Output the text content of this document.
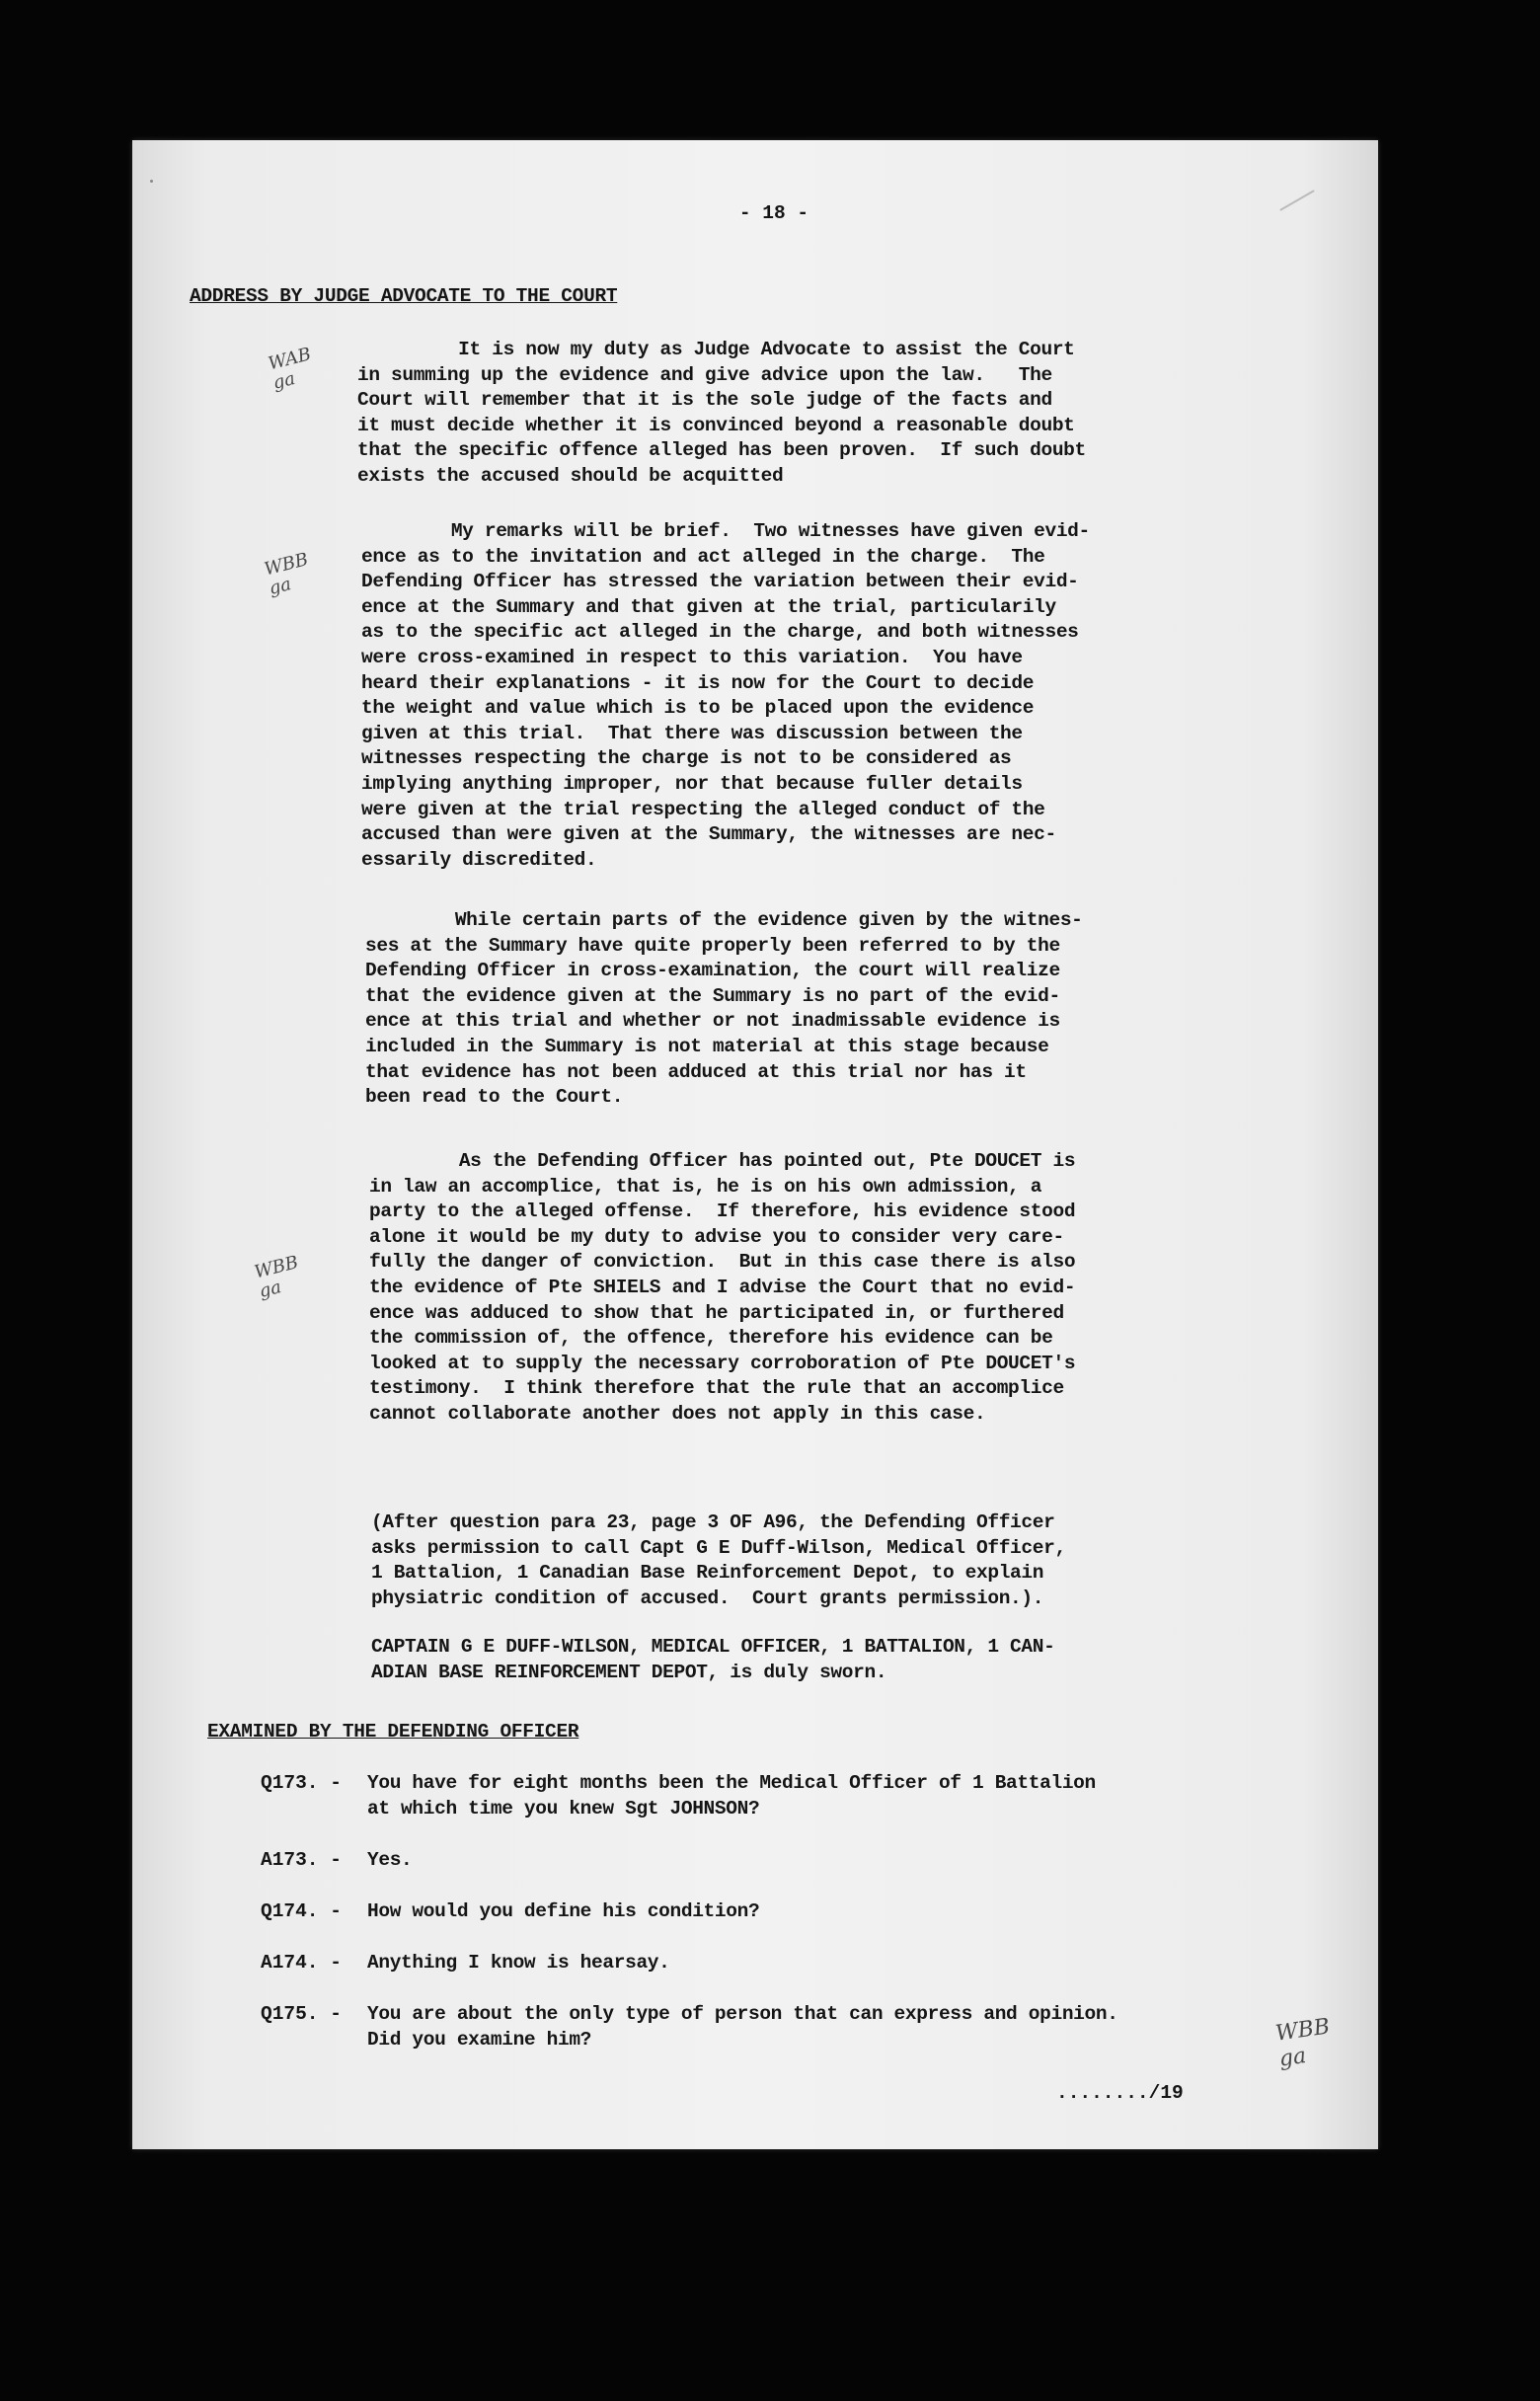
- 18 -
ADDRESS BY JUDGE ADVOCATE TO THE COURT
It is now my duty as Judge Advocate to assist the Court
in summing up the evidence and give advice upon the law.   The
Court will remember that it is the sole judge of the facts and
it must decide whether it is convinced beyond a reasonable doubt
that the specific offence alleged has been proven.  If such doubt
exists the accused should be acquitted
My remarks will be brief.  Two witnesses have given evid-
ence as to the invitation and act alleged in the charge.  The
Defending Officer has stressed the variation between their evid-
ence at the Summary and that given at the trial, particularily
as to the specific act alleged in the charge, and both witnesses
were cross-examined in respect to this variation.  You have
heard their explanations - it is now for the Court to decide
the weight and value which is to be placed upon the evidence
given at this trial.  That there was discussion between the
witnesses respecting the charge is not to be considered as
implying anything improper, nor that because fuller details
were given at the trial respecting the alleged conduct of the
accused than were given at the Summary, the witnesses are nec-
essarily discredited.
While certain parts of the evidence given by the witnes-
ses at the Summary have quite properly been referred to by the
Defending Officer in cross-examination, the court will realize
that the evidence given at the Summary is no part of the evid-
ence at this trial and whether or not inadmissable evidence is
included in the Summary is not material at this stage because
that evidence has not been adduced at this trial nor has it
been read to the Court.
As the Defending Officer has pointed out, Pte DOUCET is
in law an accomplice, that is, he is on his own admission, a
party to the alleged offense.  If therefore, his evidence stood
alone it would be my duty to advise you to consider very care-
fully the danger of conviction.  But in this case there is also
the evidence of Pte SHIELS and I advise the Court that no evid-
ence was adduced to show that he participated in, or furthered
the commission of, the offence, therefore his evidence can be
looked at to supply the necessary corroboration of Pte DOUCET's
testimony.  I think therefore that the rule that an accomplice
cannot collaborate another does not apply in this case.
(After question para 23, page 3 OF A96, the Defending Officer
asks permission to call Capt G E Duff-Wilson, Medical Officer,
1 Battalion, 1 Canadian Base Reinforcement Depot, to explain
physiatric condition of accused.  Court grants permission.).
CAPTAIN G E DUFF-WILSON, MEDICAL OFFICER, 1 BATTALION, 1 CAN-
ADIAN BASE REINFORCEMENT DEPOT, is duly sworn.
EXAMINED BY THE DEFENDING OFFICER
Q173. - You have for eight months been the Medical Officer of 1 Battalion
at which time you knew Sgt JOHNSON?
A173. - Yes.
Q174. - How would you define his condition?
A174. - Anything I know is hearsay.
Q175. - You are about the only type of person that can express and opinion.
Did you examine him?
......../19
WAB
ga
WBB
ga
WBB
ga
WBB
ga
